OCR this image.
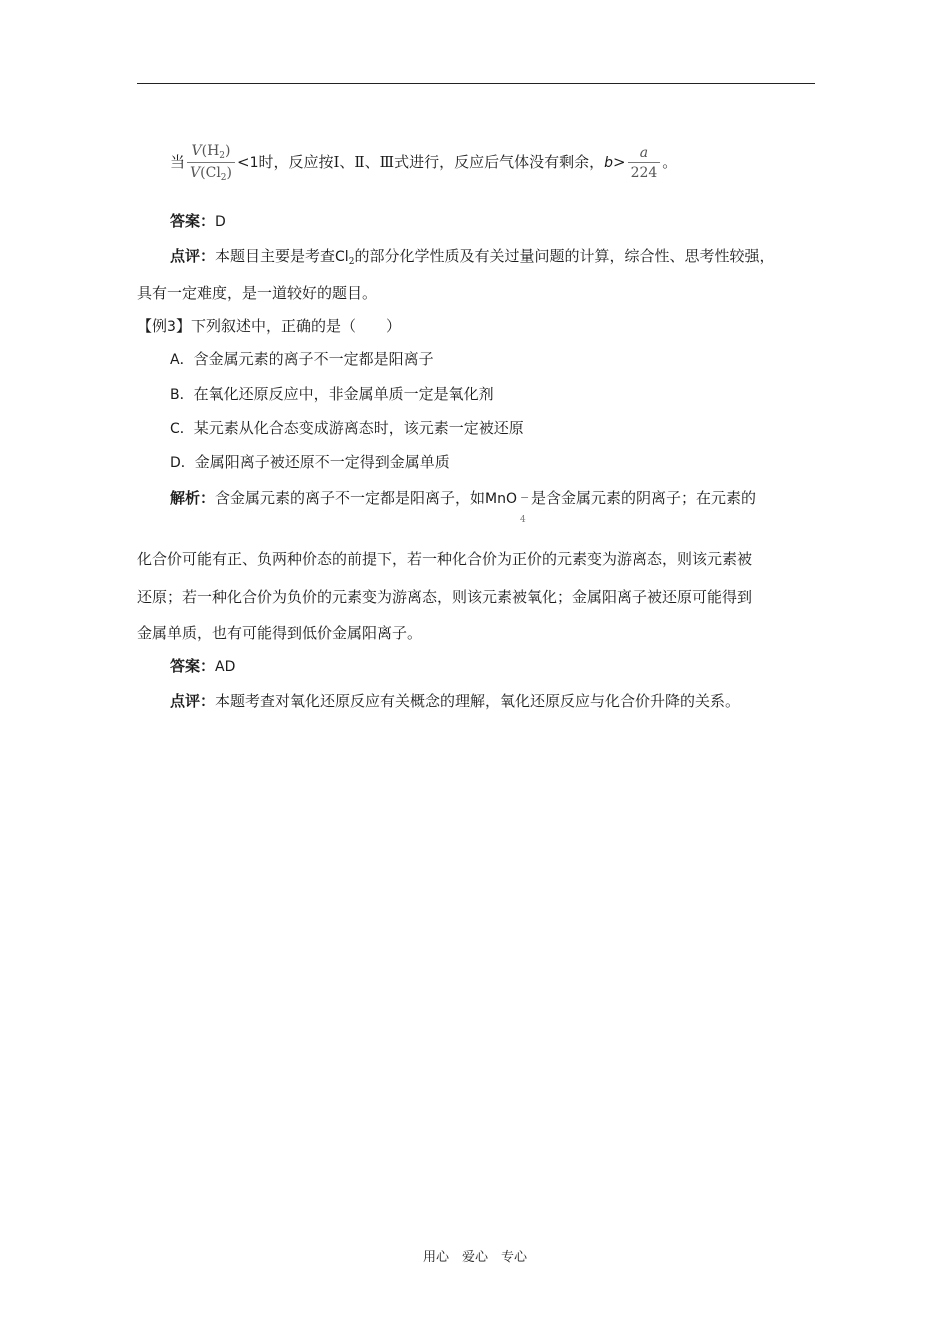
当 $\frac{V(H_2)}{V(Cl_2)} <1$时，反应按Ⅰ、Ⅱ、Ⅲ式进行，反应后气体没有剩余，$b> \frac{a}{224}$ 。
答案：D
点评：本题目主要是考查$Cl_2$的部分化学性质及有关过量问题的计算，综合性、思考性较强，
具有一定难度，是一道较好的题目。
【例3】下列叙述中，正确的是（　　）
A．含金属元素的离子不一定都是阳离子
B．在氧化还原反应中，非金属单质一定是氧化剂
C．某元素从化合态变成游离态时，该元素一定被还原
D．金属阳离子被还原不一定得到金属单质
解析：含金属元素的离子不一定都是阳离子，如MnO −
4
是含金属元素的阴离子；在元素的
化合价可能有正、负两种价态的前提下，若一种化合价为正价的元素变为游离态，则该元素被
还原；若一种化合价为负价的元素变为游离态，则该元素被氧化；金属阳离子被还原可能得到
金属单质，也有可能得到低价金属阳离子。
答案：AD
点评：本题考查对氧化还原反应有关概念的理解，氧化还原反应与化合价升降的关系。
用心　爱心　专心
